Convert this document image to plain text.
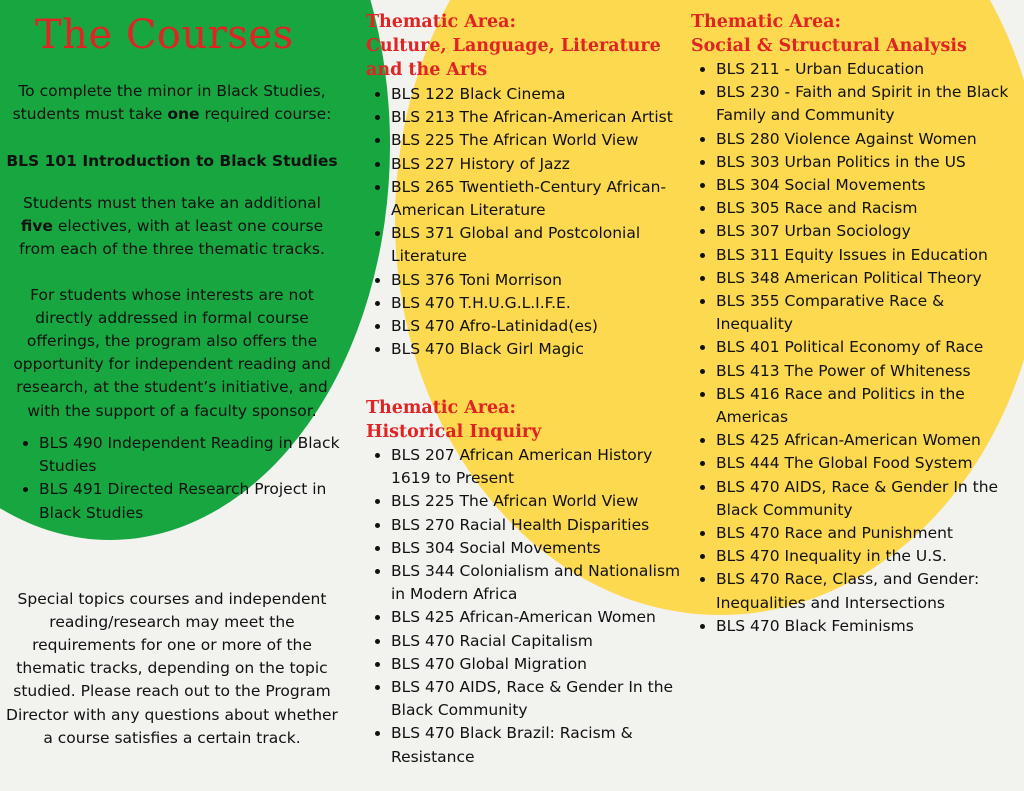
The Courses

To complete the minor in Black Studies, students must take one required course:

BLS 101 Introduction to Black Studies

Students must then take an additional five electives, with at least one course from each of the three thematic tracks.

For students whose interests are not directly addressed in formal course offerings, the program also offers the opportunity for independent reading and research, at the student’s initiative, and with the support of a faculty sponsor.

• BLS 490 Independent Reading in Black Studies
• BLS 491 Directed Research Project in Black Studies

Special topics courses and independent reading/research may meet the requirements for one or more of the thematic tracks, depending on the topic studied. Please reach out to the Program Director with any questions about whether a course satisfies a certain track.

Thematic Area:
Culture, Language, Literature and the Arts
• BLS 122 Black Cinema
• BLS 213 The African-American Artist
• BLS 225 The African World View
• BLS 227 History of Jazz
• BLS 265 Twentieth-Century African-American Literature
• BLS 371 Global and Postcolonial Literature
• BLS 376 Toni Morrison
• BLS 470 T.H.U.G.L.I.F.E.
• BLS 470 Afro-Latinidad(es)
• BLS 470 Black Girl Magic
Thematic Area:
Historical Inquiry
• BLS 207 African American History 1619 to Present
• BLS 225 The African World View
• BLS 270 Racial Health Disparities
• BLS 304 Social Movements
• BLS 344 Colonialism and Nationalism in Modern Africa
• BLS 425 African-American Women
• BLS 470 Racial Capitalism
• BLS 470 Global Migration
• BLS 470 AIDS, Race & Gender In the Black Community
• BLS 470 Black Brazil: Racism & Resistance
Thematic Area:
Social & Structural Analysis
• BLS 211 - Urban Education
• BLS 230 - Faith and Spirit in the Black Family and Community
• BLS 280 Violence Against Women
• BLS 303 Urban Politics in the US
• BLS 304 Social Movements
• BLS 305 Race and Racism
• BLS 307 Urban Sociology
• BLS 311 Equity Issues in Education
• BLS 348 American Political Theory
• BLS 355 Comparative Race & Inequality
• BLS 401 Political Economy of Race
• BLS 413 The Power of Whiteness
• BLS 416 Race and Politics in the Americas
• BLS 425 African-American Women
• BLS 444 The Global Food System
• BLS 470 AIDS, Race & Gender In the Black Community
• BLS 470 Race and Punishment
• BLS 470 Inequality in the U.S.
• BLS 470 Race, Class, and Gender: Inequalities and Intersections
• BLS 470 Black Feminisms
